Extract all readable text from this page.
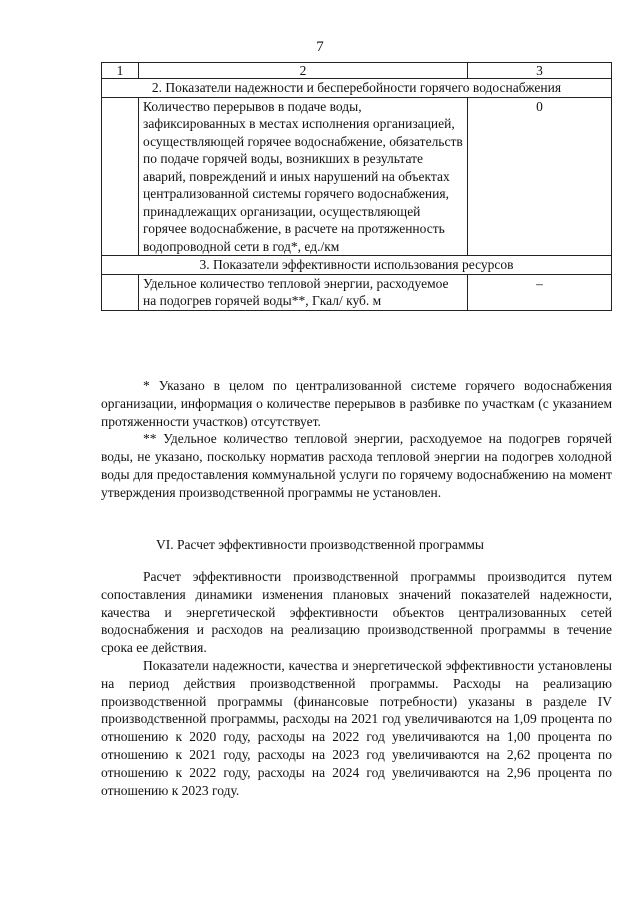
7
1	2	3
2. Показатели надежности и бесперебойности горячего водоснабжения		
	Количество перерывов в подаче воды, зафиксированных в местах исполнения организацией, осуществляющей горячее водоснабжение, обязательств по подаче горячей воды, возникших в результате аварий, повреждений и иных нарушений на объектах централизованной системы горячего водоснабжения, принадлежащих организации, осуществляющей горячее водоснабжение, в расчете на протяженность водопроводной сети в год*, ед./км	0
3. Показатели эффективности использования ресурсов		
	Удельное количество тепловой энергии, расходуемое на подогрев горячей воды**, Гкал/ куб. м	–

* Указано в целом по централизованной системе горячего водоснабжения организации, информация о количестве перерывов в разбивке по участкам (с указанием протяженности участков) отсутствует.

** Удельное количество тепловой энергии, расходуемое на подогрев горячей воды, не указано, поскольку норматив расхода тепловой энергии на подогрев холодной воды для предоставления коммунальной услуги по горячему водоснабжению на момент утверждения производственной программы не установлен.

VI. Расчет эффективности производственной программы

Расчет эффективности производственной программы производится путем сопоставления динамики изменения плановых значений показателей надежности, качества и энергетической эффективности объектов централизованных сетей водоснабжения и расходов на реализацию производственной программы в течение срока ее действия.

Показатели надежности, качества и энергетической эффективности установлены на период действия производственной программы. Расходы на реализацию производственной программы (финансовые потребности) указаны в разделе IV производственной программы, расходы на 2021 год увеличиваются на 1,09 процента по отношению к 2020 году, расходы на 2022 год увеличиваются на 1,00 процента по отношению к 2021 году, расходы на 2023 год увеличиваются на 2,62 процента по отношению к 2022 году, расходы на 2024 год увеличиваются на 2,96 процента по отношению к 2023 году.
